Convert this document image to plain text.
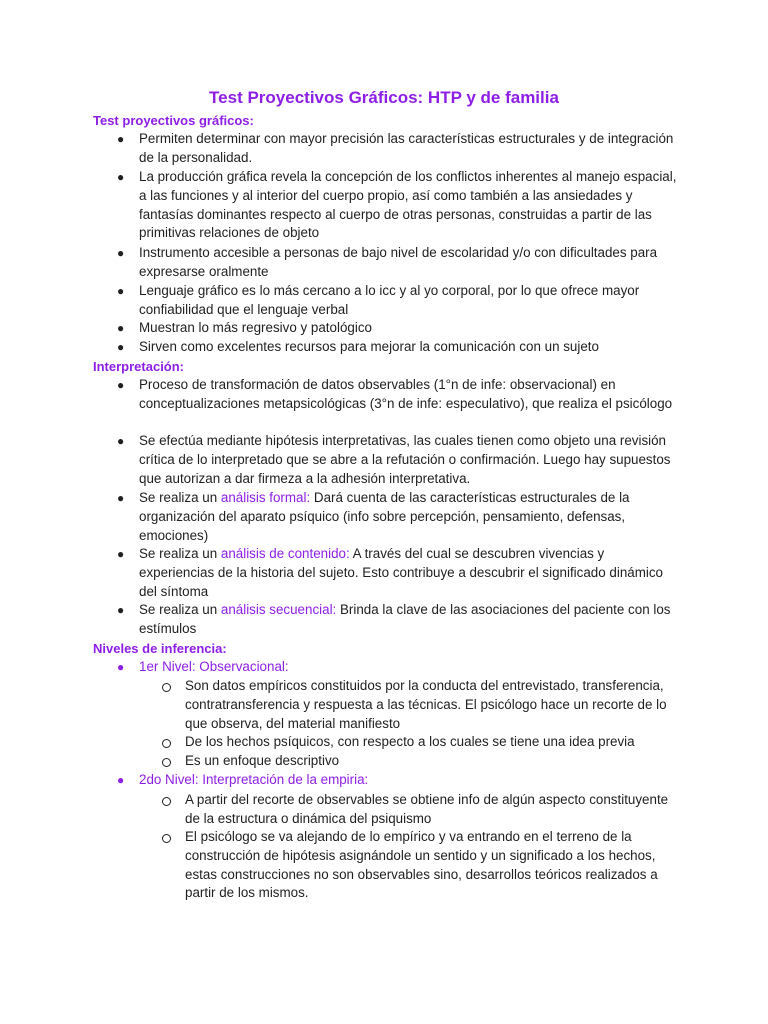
Test Proyectivos Gráficos: HTP y de familia
Test proyectivos gráficos:
● Permiten determinar con mayor precisión las características estructurales y de integración de la personalidad.
● La producción gráfica revela la concepción de los conflictos inherentes al manejo espacial, a las funciones y al interior del cuerpo propio, así como también a las ansiedades y fantasías dominantes respecto al cuerpo de otras personas, construidas a partir de las primitivas relaciones de objeto
● Instrumento accesible a personas de bajo nivel de escolaridad y/o con dificultades para expresarse oralmente
● Lenguaje gráfico es lo más cercano a lo icc y al yo corporal, por lo que ofrece mayor confiabilidad que el lenguaje verbal
● Muestran lo más regresivo y patológico
● Sirven como excelentes recursos para mejorar la comunicación con un sujeto
Interpretación:
● Proceso de transformación de datos observables (1°n de infe: observacional) en conceptualizaciones metapsicológicas (3°n de infe: especulativo), que realiza el psicólogo
● Se efectúa mediante hipótesis interpretativas, las cuales tienen como objeto una revisión crítica de lo interpretado que se abre a la refutación o confirmación. Luego hay supuestos que autorizan a dar firmeza a la adhesión interpretativa.
● Se realiza un análisis formal: Dará cuenta de las características estructurales de la organización del aparato psíquico (info sobre percepción, pensamiento, defensas, emociones)
● Se realiza un análisis de contenido: A través del cual se descubren vivencias y experiencias de la historia del sujeto. Esto contribuye a descubrir el significado dinámico del síntoma
● Se realiza un análisis secuencial: Brinda la clave de las asociaciones del paciente con los estímulos
Niveles de inferencia:
● 1er Nivel: Observacional:
Son datos empíricos constituidos por la conducta del entrevistado, transferencia, contratransferencia y respuesta a las técnicas. El psicólogo hace un recorte de lo que observa, del material manifiesto
De los hechos psíquicos, con respecto a los cuales se tiene una idea previa
Es un enfoque descriptivo
● 2do Nivel: Interpretación de la empiria:
A partir del recorte de observables se obtiene info de algún aspecto constituyente de la estructura o dinámica del psiquismo
El psicólogo se va alejando de lo empírico y va entrando en el terreno de la construcción de hipótesis asignándole un sentido y un significado a los hechos, estas construcciones no son observables sino, desarrollos teóricos realizados a partir de los mismos.
